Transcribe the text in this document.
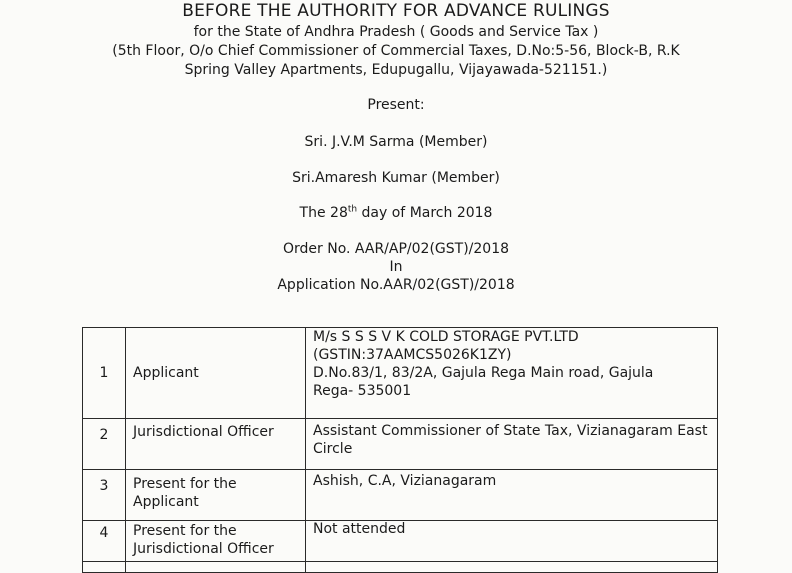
BEFORE THE AUTHORITY FOR ADVANCE RULINGS
for the State of Andhra Pradesh ( Goods and Service Tax )
(5th Floor, O/o Chief Commissioner of Commercial Taxes, D.No:5-56, Block-B, R.K
Spring Valley Apartments, Edupugallu, Vijayawada-521151.)
Present:
Sri. J.V.M Sarma (Member)
Sri.Amaresh Kumar (Member)
The 28th day of March 2018
Order No. AAR/AP/02(GST)/2018
In
Application No.AAR/02(GST)/2018
1	Applicant	M/s S S S V K COLD STORAGE PVT.LTD
(GSTIN:37AAMCS5026K1ZY)
D.No.83/1, 83/2A, Gajula Rega Main road, Gajula
Rega- 535001

2	Jurisdictional Officer	Assistant Commissioner of State Tax, Vizianagaram East
Circle

3	Present for the Applicant	Ashish, C.A, Vizianagaram

4	Present for the Jurisdictional Officer	Not attended
